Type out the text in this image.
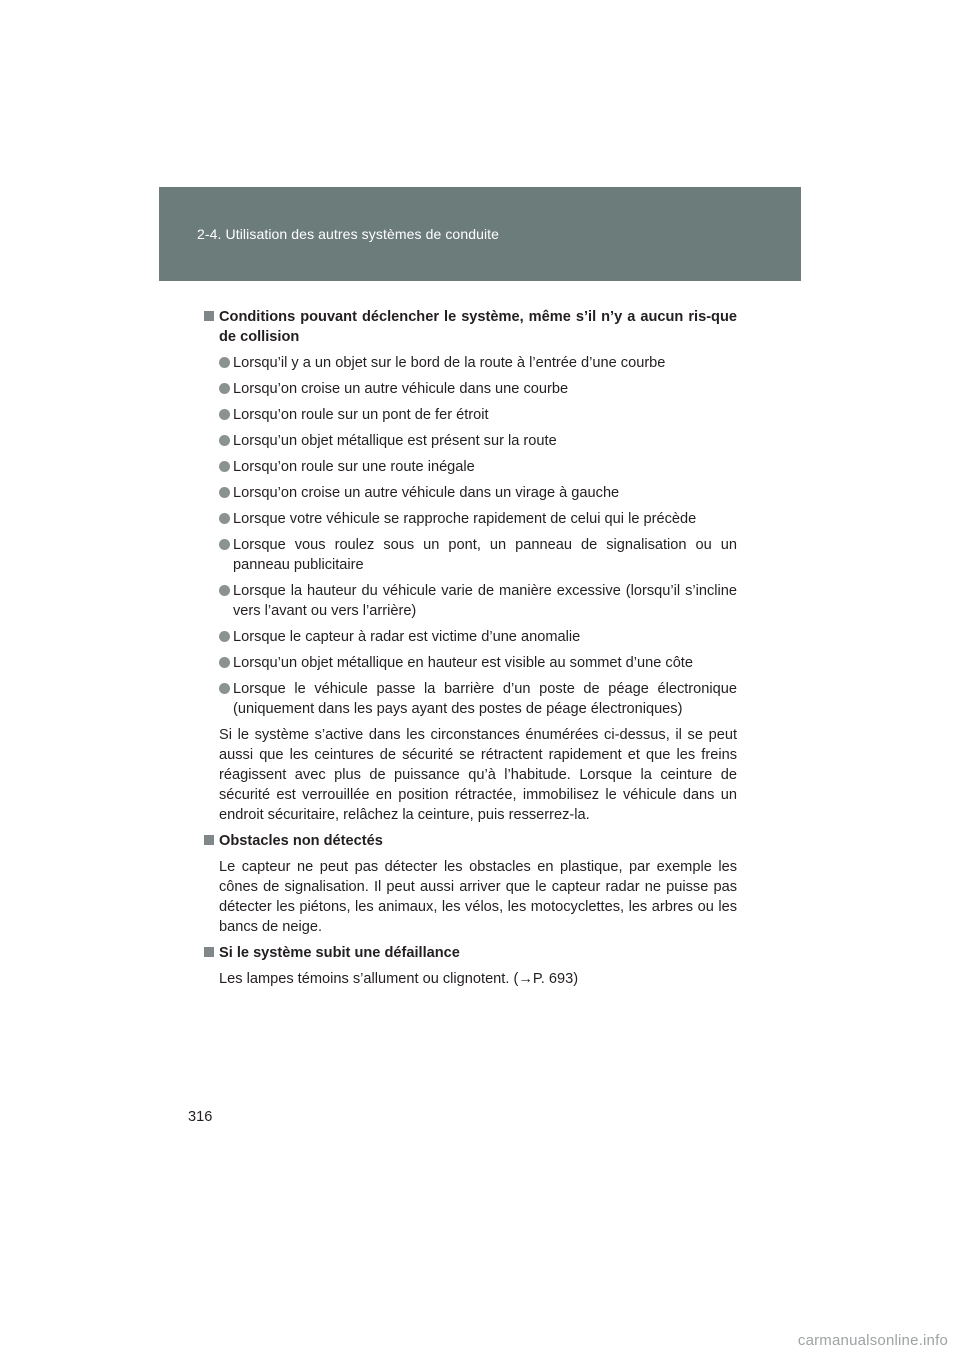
2-4. Utilisation des autres systèmes de conduite
Conditions pouvant déclencher le système, même s’il n’y a aucun ris-que de collision
Lorsqu’il y a un objet sur le bord de la route à l’entrée d’une courbe
Lorsqu’on croise un autre véhicule dans une courbe
Lorsqu’on roule sur un pont de fer étroit
Lorsqu’un objet métallique est présent sur la route
Lorsqu’on roule sur une route inégale
Lorsqu’on croise un autre véhicule dans un virage à gauche
Lorsque votre véhicule se rapproche rapidement de celui qui le précède
Lorsque vous roulez sous un pont, un panneau de signalisation ou un panneau publicitaire
Lorsque la hauteur du véhicule varie de manière excessive (lorsqu’il s’incline vers l’avant ou vers l’arrière)
Lorsque le capteur à radar est victime d’une anomalie
Lorsqu’un objet métallique en hauteur est visible au sommet d’une côte
Lorsque le véhicule passe la barrière d’un poste de péage électronique (uniquement dans les pays ayant des postes de péage électroniques)
Si le système s’active dans les circonstances énumérées ci-dessus, il se peut aussi que les ceintures de sécurité se rétractent rapidement et que les freins réagissent avec plus de puissance qu’à l’habitude. Lorsque la ceinture de sécurité est verrouillée en position rétractée, immobilisez le véhicule dans un endroit sécuritaire, relâchez la ceinture, puis resserrez-la.
Obstacles non détectés
Le capteur ne peut pas détecter les obstacles en plastique, par exemple les cônes de signalisation. Il peut aussi arriver que le capteur radar ne puisse pas détecter les piétons, les animaux, les vélos, les motocyclettes, les arbres ou les bancs de neige.
Si le système subit une défaillance
Les lampes témoins s’allument ou clignotent. (→P. 693)
316
carmanualsonline.info
